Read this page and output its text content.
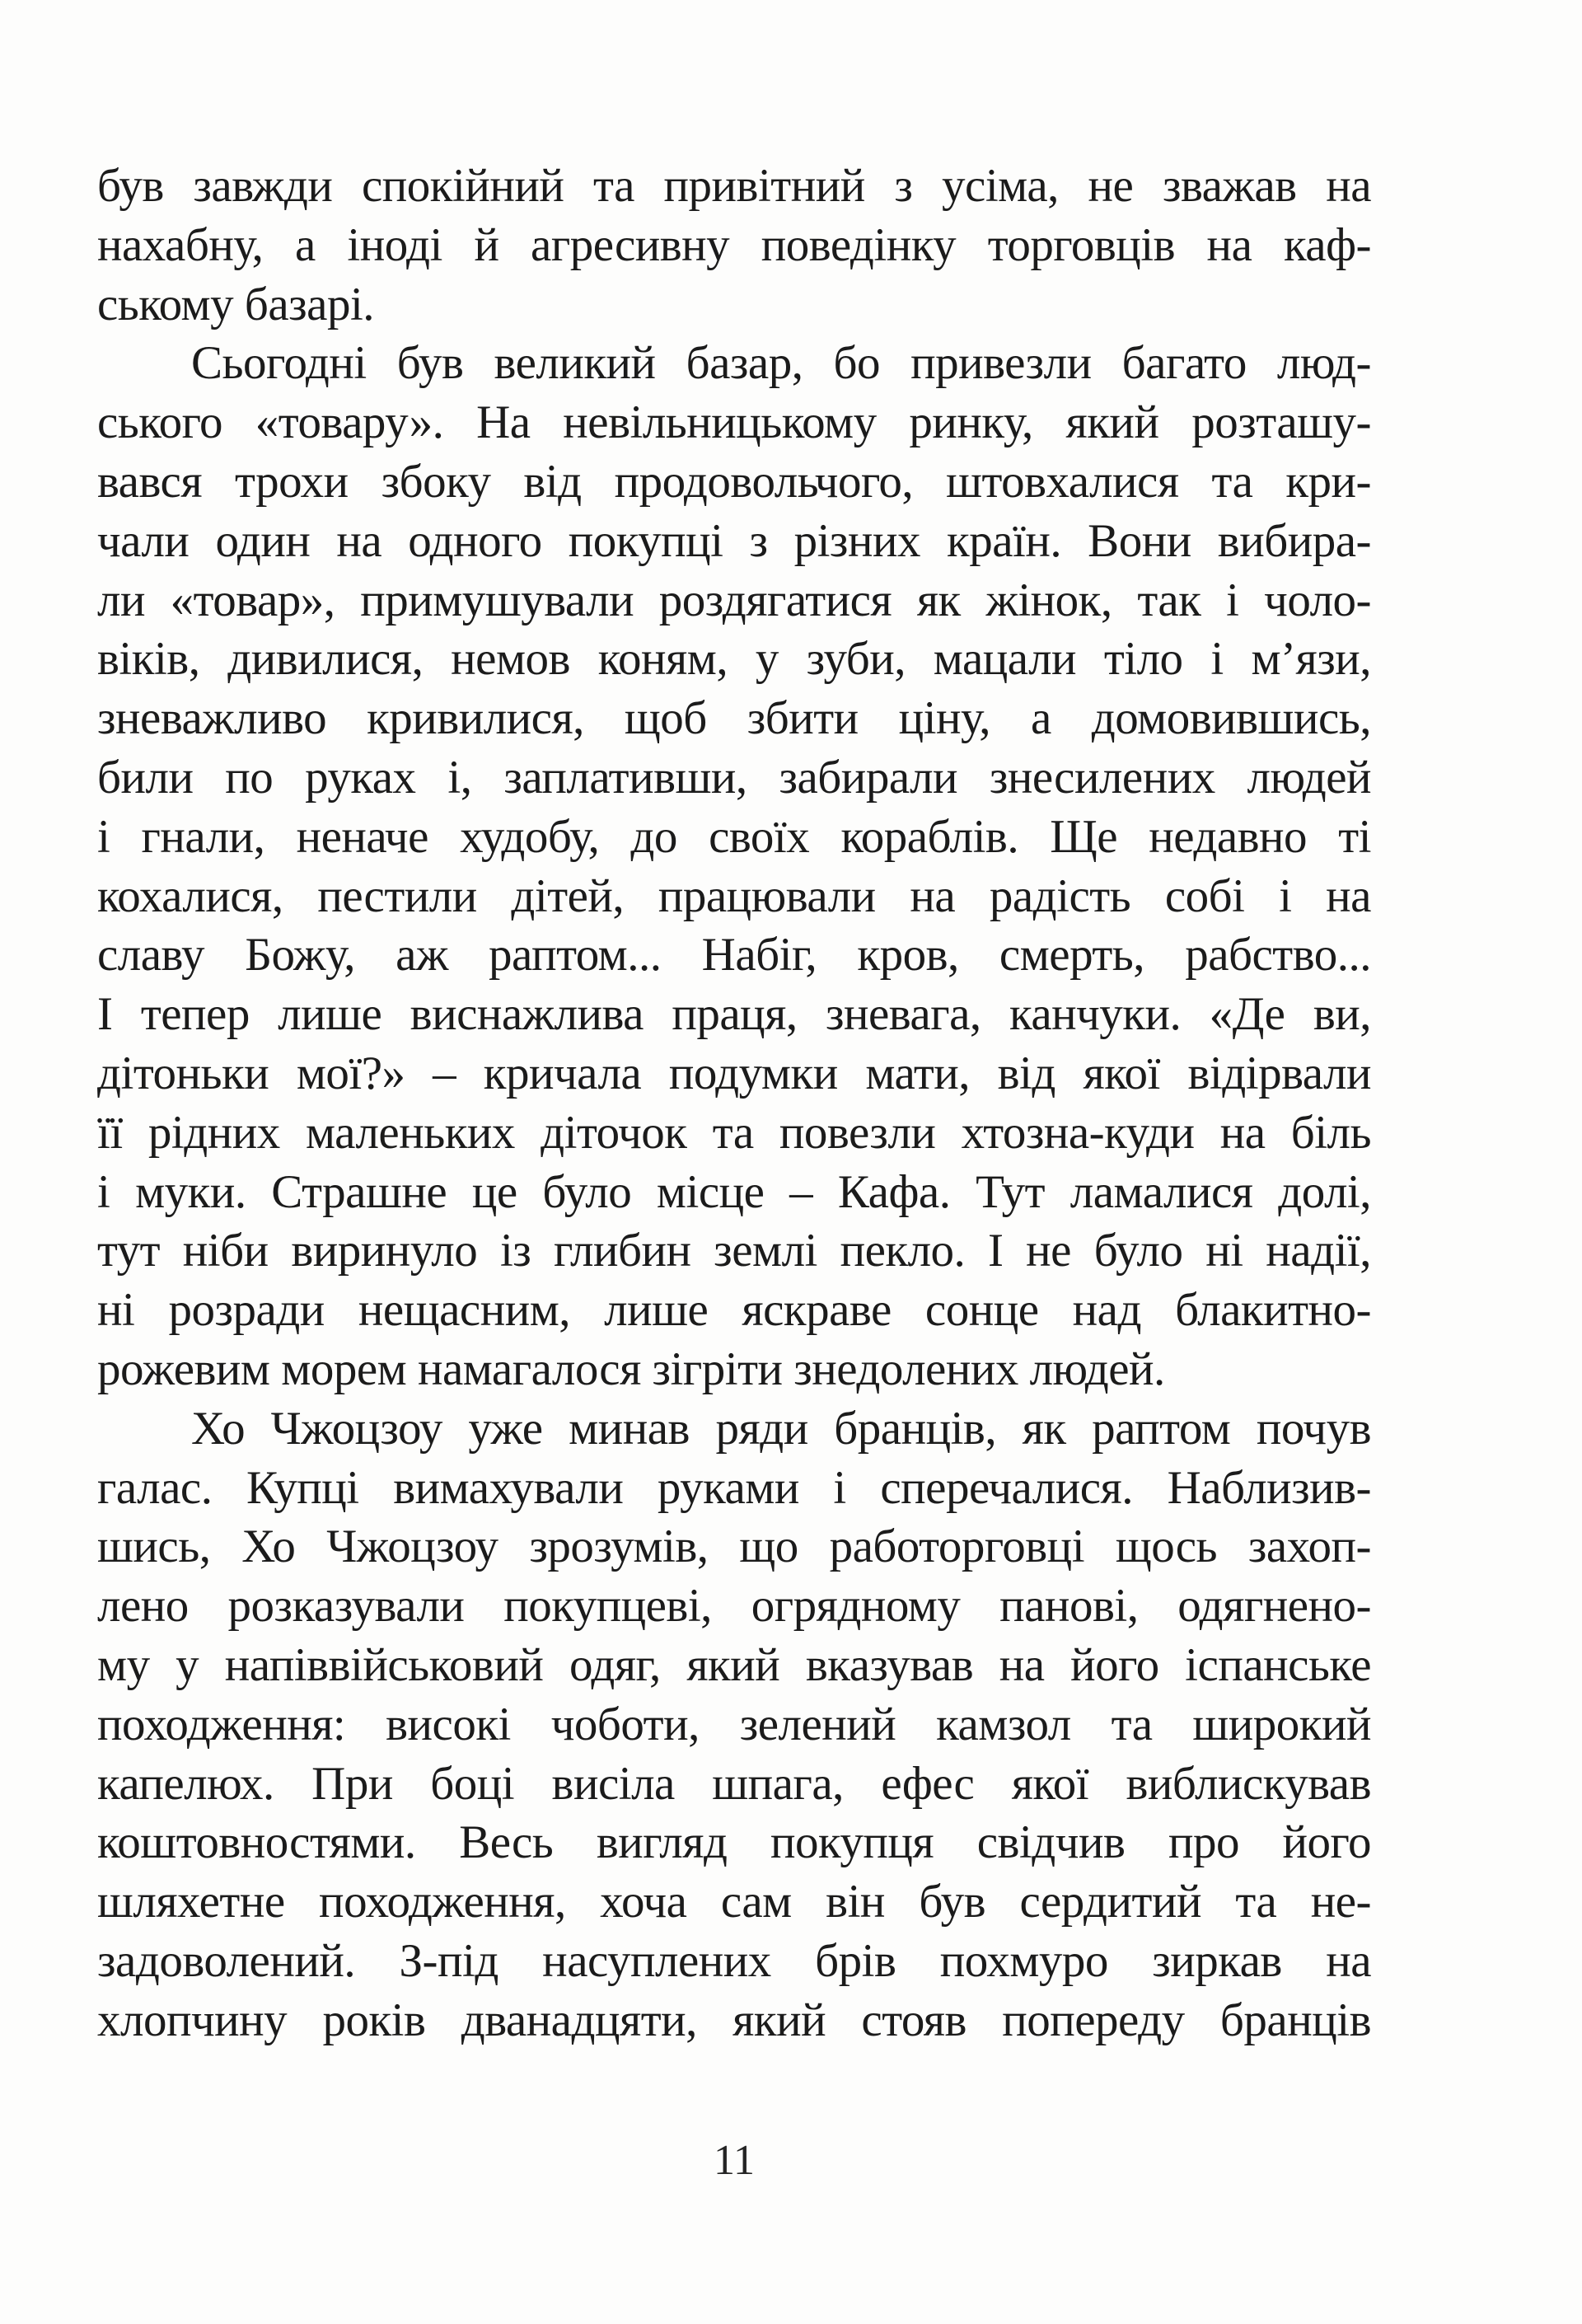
був завжди спокійний та привітний з усіма, не зважав на
нахабну, а іноді й агресивну поведінку торговців на каф-
ському базарі.
Сьогодні був великий базар, бо привезли багато люд-
ського «товару». На невільницькому ринку, який розташу-
вався трохи збоку від продовольчого, штовхалися та кри-
чали один на одного покупці з різних країн. Вони вибира-
ли «товар», примушували роздягатися як жінок, так і чоло-
віків, дивилися, немов коням, у зуби, мацали тіло і м’язи,
зневажливо кривилися, щоб збити ціну, а домовившись,
били по руках і, заплативши, забирали знесилених людей
і гнали, неначе худобу, до своїх кораблів. Ще недавно ті
кохалися, пестили дітей, працювали на радість собі і на
славу Божу, аж раптом... Набіг, кров, смерть, рабство...
І тепер лише виснажлива праця, зневага, канчуки. «Де ви,
дітоньки мої?» – кричала подумки мати, від якої відірвали
її рідних маленьких діточок та повезли хтозна-куди на біль
і муки. Страшне це було місце – Кафа. Тут ламалися долі,
тут ніби виринуло із глибин землі пекло. І не було ні надії,
ні розради нещасним, лише яскраве сонце над блакитно-
рожевим морем намагалося зігріти знедолених людей.
Хо Чжоцзоу уже минав ряди бранців, як раптом почув
галас. Купці вимахували руками і сперечалися. Наблизив-
шись, Хо Чжоцзоу зрозумів, що работорговці щось захоп-
лено розказували покупцеві, огрядному панові, одягнено-
му у напіввійськовий одяг, який вказував на його іспанське
походження: високі чоботи, зелений камзол та широкий
капелюх. При боці висіла шпага, ефес якої виблискував
коштовностями. Весь вигляд покупця свідчив про його
шляхетне походження, хоча сам він був сердитий та не-
задоволений. З-під насуплених брів похмуро зиркав на
хлопчину років дванадцяти, який стояв попереду бранців
11
